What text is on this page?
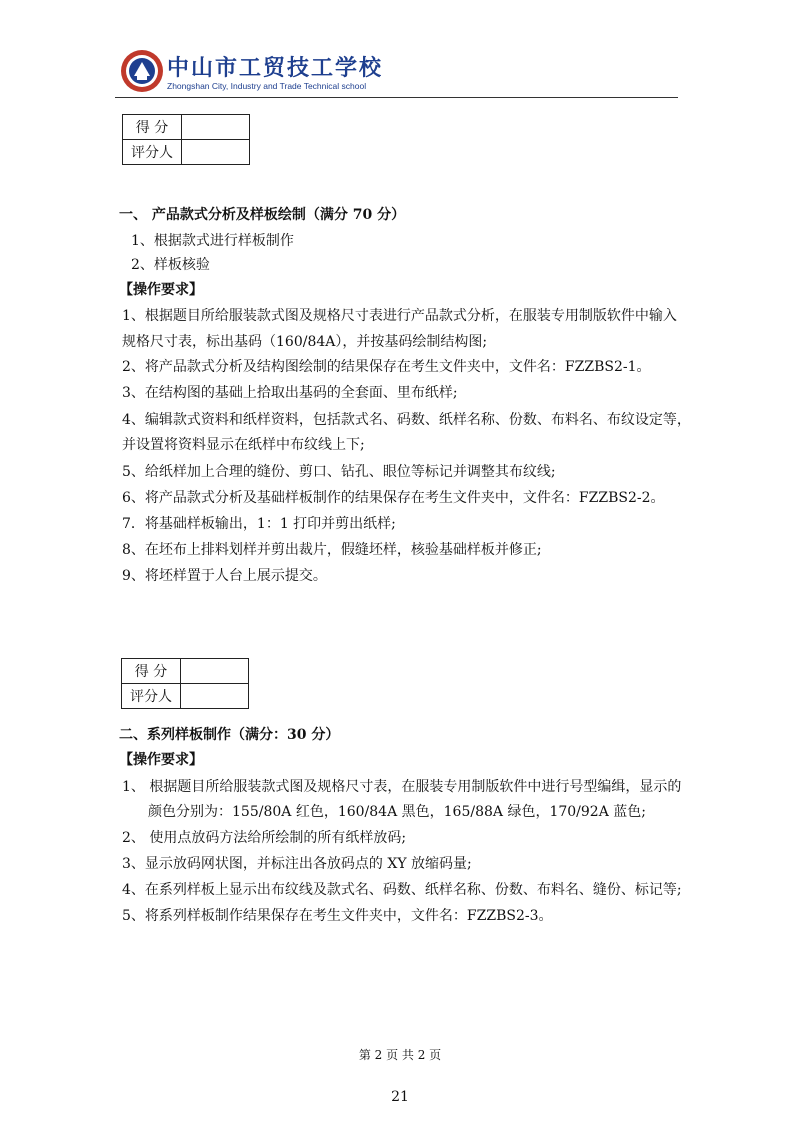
中山市工贸技工学校
Zhongshan City, Industry and Trade Technical school
得 分	
评分人	
一、 产品款式分析及样板绘制（满分 70 分）
1、根据款式进行样板制作
2、样板核验
【操作要求】
1、根据题目所给服装款式图及规格尺寸表进行产品款式分析，在服装专用制版软件中输入
规格尺寸表，标出基码（160/84A），并按基码绘制结构图;
2、将产品款式分析及结构图绘制的结果保存在考生文件夹中，文件名：FZZBS2-1。
3、在结构图的基础上拾取出基码的全套面、里布纸样;
4、编辑款式资料和纸样资料，包括款式名、码数、纸样名称、份数、布料名、布纹设定等，
并设置将资料显示在纸样中布纹线上下;
5、给纸样加上合理的缝份、剪口、钻孔、眼位等标记并调整其布纹线;
6、将产品款式分析及基础样板制作的结果保存在考生文件夹中，文件名：FZZBS2-2。
7．将基础样板输出，1：1 打印并剪出纸样;
8、在坯布上排料划样并剪出裁片，假缝坯样，核验基础样板并修正;
9、将坯样置于人台上展示提交。
得 分	
评分人	
二、系列样板制作（满分：30 分）
【操作要求】
1、 根据题目所给服装款式图及规格尺寸表，在服装专用制版软件中进行号型编缉，显示的
颜色分别为：155/80A 红色，160/84A 黑色，165/88A 绿色，170/92A 蓝色;
2、 使用点放码方法给所绘制的所有纸样放码;
3、显示放码网状图，并标注出各放码点的 XY 放缩码量;
4、在系列样板上显示出布纹线及款式名、码数、纸样名称、份数、布料名、缝份、标记等;
5、将系列样板制作结果保存在考生文件夹中，文件名：FZZBS2-3。
第 2 页 共 2 页
21
